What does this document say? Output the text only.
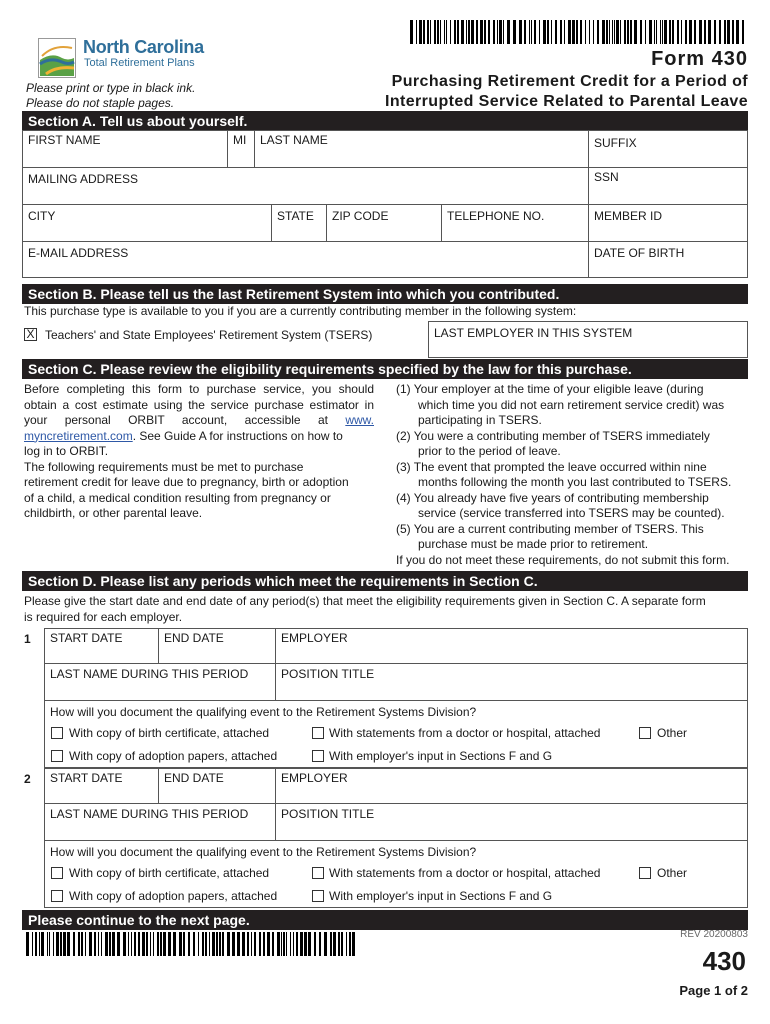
North Carolina
Total Retirement Plans	Form 430
Purchasing Retirement Credit for a Period of
Interrupted Service Related to Parental Leave
Please print or type in black ink.
Please do not staple pages.
Section A. Tell us about yourself.
FIRST NAME	MI	LAST NAME	SUFFIX
MAILING ADDRESS	SSN
CITY	STATE	ZIP CODE	TELEPHONE NO.	MEMBER ID
E-MAIL ADDRESS	DATE OF BIRTH
Section B. Please tell us the last Retirement System into which you contributed.
This purchase type is available to you if you are a currently contributing member in the following system:
X Teachers' and State Employees' Retirement System (TSERS)	LAST EMPLOYER IN THIS SYSTEM
Section C. Please review the eligibility requirements specified by the law for this purchase.
Before completing this form to purchase service, you should
obtain a cost estimate using the service purchase estimator in
your personal ORBIT account, accessible at www.
myncretirement.com. See Guide A for instructions on how to
log in to ORBIT.
The following requirements must be met to purchase
retirement credit for leave due to pregnancy, birth or adoption
of a child, a medical condition resulting from pregnancy or
childbirth, or other parental leave.
(1) Your employer at the time of your eligible leave (during
which time you did not earn retirement service credit) was
participating in TSERS.
(2) You were a contributing member of TSERS immediately
prior to the period of leave.
(3) The event that prompted the leave occurred within nine
months following the month you last contributed to TSERS.
(4) You already have five years of contributing membership
service (service transferred into TSERS may be counted).
(5) You are a current contributing member of TSERS. This
purchase must be made prior to retirement.
If you do not meet these requirements, do not submit this form.
Section D. Please list any periods which meet the requirements in Section C.
Please give the start date and end date of any period(s) that meet the eligibility requirements given in Section C. A separate form
is required for each employer.
1	START DATE	END DATE	EMPLOYER
LAST NAME DURING THIS PERIOD	POSITION TITLE
How will you document the qualifying event to the Retirement Systems Division?
With copy of birth certificate, attached	With statements from a doctor or hospital, attached	Other
With copy of adoption papers, attached	With employer's input in Sections F and G
2	START DATE	END DATE	EMPLOYER
LAST NAME DURING THIS PERIOD	POSITION TITLE
How will you document the qualifying event to the Retirement Systems Division?
With copy of birth certificate, attached	With statements from a doctor or hospital, attached	Other
With copy of adoption papers, attached	With employer's input in Sections F and G
Please continue to the next page.
REV 20200803
430
Page 1 of 2
